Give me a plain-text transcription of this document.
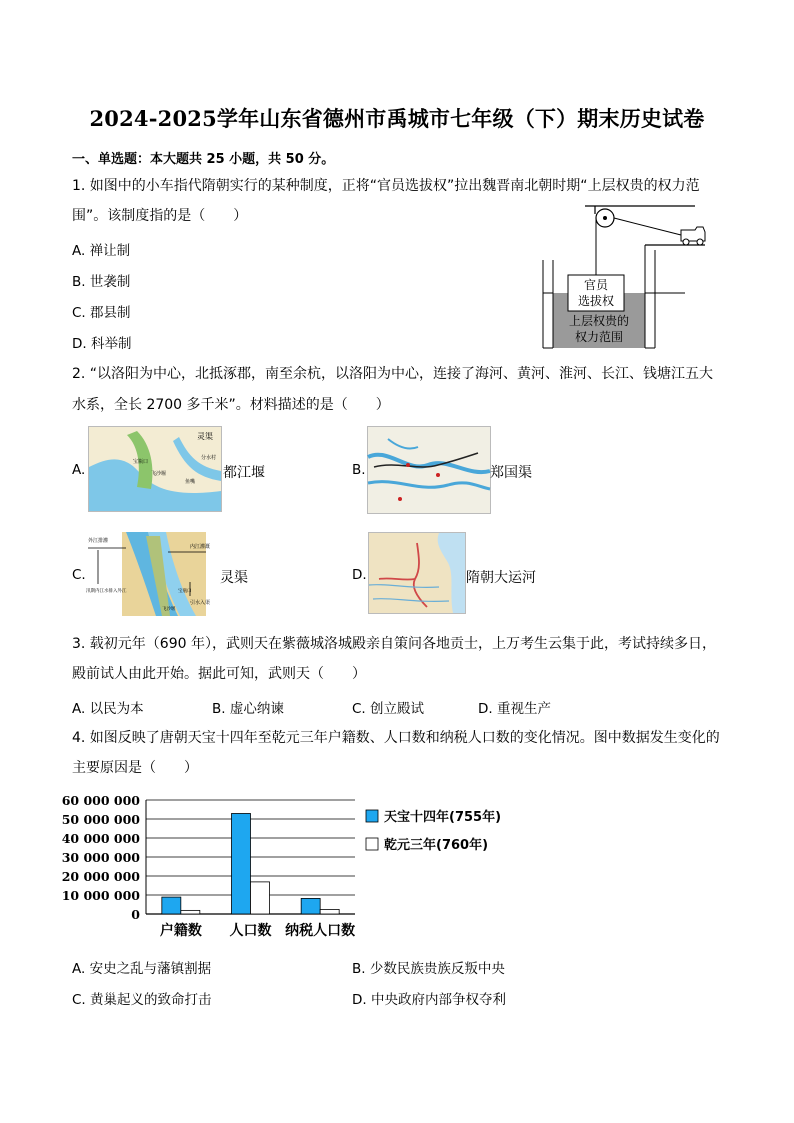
2024-2025学年山东省德州市禹城市七年级（下）期末历史试卷
一、单选题：本大题共 25 小题，共 50 分。
1. 如图中的小车指代隋朝实行的某种制度，正将“官员选拔权”拉出魏晋南北朝时期“上层权贵的权力范
围”。该制度指的是（　　）
A. 禅让制
B. 世袭制
C. 郡县制
D. 科举制
官员
选拔权
上层权贵的
权力范围
2. “以洛阳为中心，北抵涿郡，南至余杭，以洛阳为中心，连接了海河、黄河、淮河、长江、钱塘江五大
水系，全长 2700 多千米”。材料描述的是（　　）
A.
灵渠
宝瓶口
飞沙堰
鱼嘴
分水村
都江堰	B.	郑国渠
C.
外江排灌
内江灌溉
汛期内江水排入外江
引水入渠
飞沙堰
宝瓶口
灵渠	D.	隋朝大运河
3. 载初元年（690 年），武则天在紫薇城洛城殿亲自策问各地贡士，上万考生云集于此，考试持续多日，
殿前试人由此开始。据此可知，武则天（　　）
A. 以民为本	B. 虚心纳谏	C. 创立殿试	D. 重视生产
4. 如图反映了唐朝天宝十四年至乾元三年户籍数、人口数和纳税人口数的变化情况。图中数据发生变化的
主要原因是（　　）
60 000 000
50 000 000
40 000 000
30 000 000
20 000 000
10 000 000
0
户籍数 人口数 纳税人口数
天宝十四年(755年)
乾元三年(760年)
A. 安史之乱与藩镇割据	B. 少数民族贵族反叛中央
C. 黄巢起义的致命打击	D. 中央政府内部争权夺利
